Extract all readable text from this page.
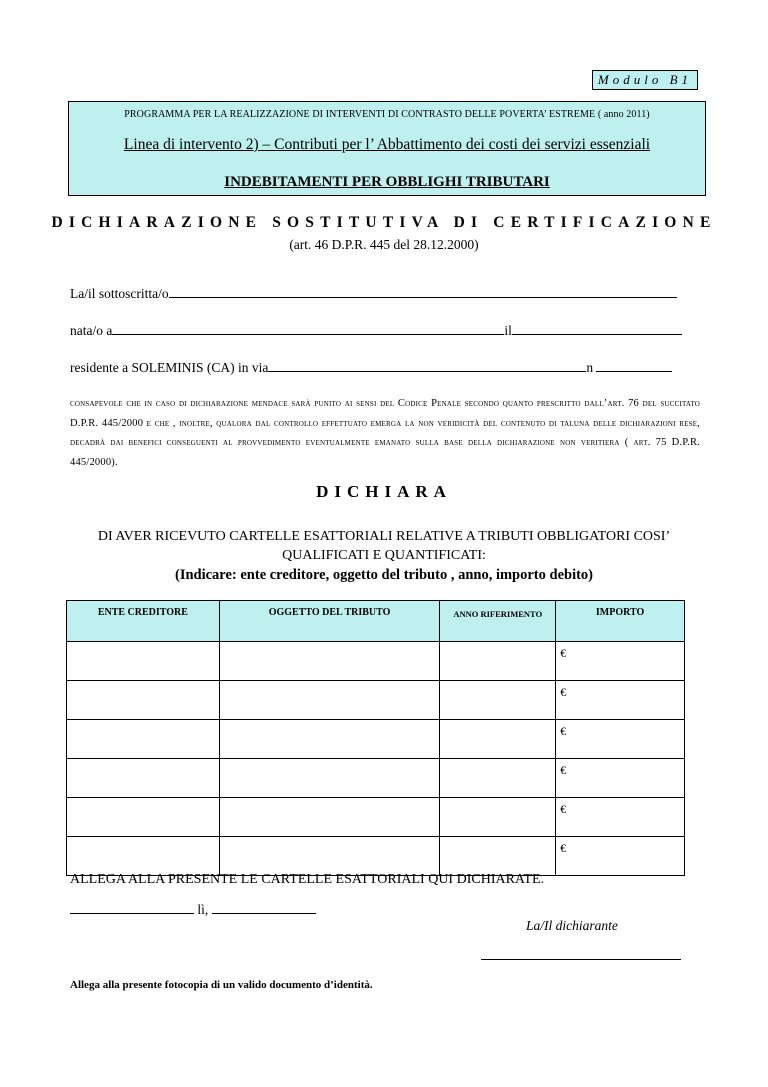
Modulo B1
PROGRAMMA PER LA REALIZZAZIONE DI INTERVENTI DI CONTRASTO DELLE POVERTA’ ESTREME ( anno 2011)
Linea di intervento 2) – Contributi per l’ Abbattimento dei costi dei servizi essenziali
INDEBITAMENTI PER OBBLIGHI TRIBUTARI
DICHIARAZIONE SOSTITUTIVA DI CERTIFICAZIONE
(art. 46 D.P.R. 445 del 28.12.2000)
La/il sottoscritta/o
nata/o a	il
residente a SOLEMINIS (CA) in via	n
consapevole che in caso di dichiarazione mendace sarà punito ai sensi del Codice Penale secondo quanto prescritto dall’art. 76 del succitato D.P.R. 445/2000 e che , inoltre, qualora dal controllo effettuato emerga la non veridicità del contenuto di taluna delle dichiarazioni rese, decadrà dai benefici conseguenti al provvedimento eventualmente emanato sulla base della dichiarazione non veritiera ( art. 75 D.P.R. 445/2000).
DICHIARA
DI AVER RICEVUTO CARTELLE ESATTORIALI RELATIVE A TRIBUTI OBBLIGATORI COSI’
QUALIFICATI E QUANTIFICATI:
(Indicare: ente creditore, oggetto del tributo , anno, importo debito)
ENTE CREDITORE	OGGETTO DEL TRIBUTO	ANNO RIFERIMENTO	IMPORTO
			€
			€
			€
			€
			€
			€
ALLEGA ALLA PRESENTE LE CARTELLE ESATTORIALI QUI DICHIARATE.
lì,
La/Il dichiarante
Allega alla presente fotocopia di un valido documento d’identità.
